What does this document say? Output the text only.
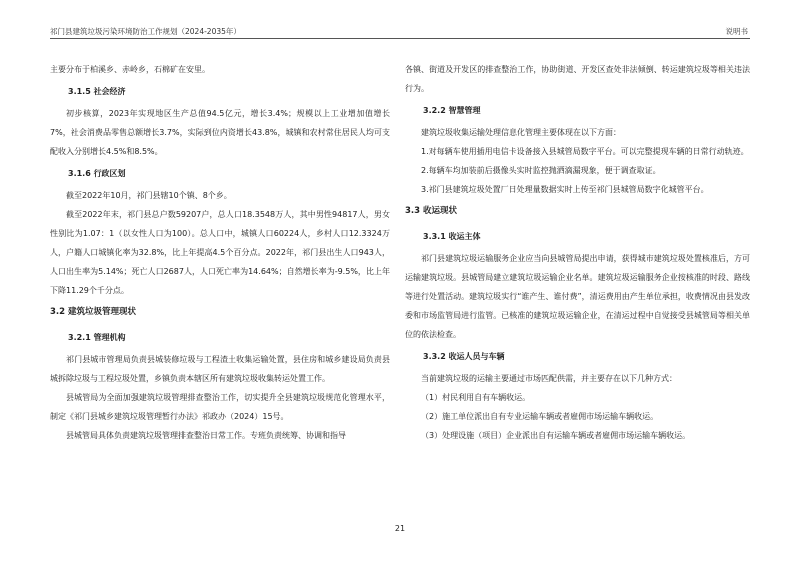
祁门县建筑垃圾污染环境防治工作规划（2024-2035年）	说明书

主要分布于柏溪乡、赤岭乡，石棉矿在安里。

3.1.5 社会经济

初步核算，2023年实现地区生产总值94.5亿元，增长3.4%；规模以上工业增加值增长7%，社会消费品零售总额增长3.7%，实际到位内资增长43.8%，城镇和农村常住居民人均可支配收入分别增长4.5%和8.5%。

3.1.6 行政区划

截至2022年10月，祁门县辖10个镇、8个乡。

截至2022年末，祁门县总户数59207户，总人口18.3548万人，其中男性94817人，男女性别比为1.07：1（以女性人口为100）。总人口中，城镇人口60224人，乡村人口12.3324万人，户籍人口城镇化率为32.8%，比上年提高4.5个百分点。2022年，祁门县出生人口943人，人口出生率为5.14%；死亡人口2687人，人口死亡率为14.64%；自然增长率为-9.5%，比上年下降11.29个千分点。

3.2 建筑垃圾管理现状
3.2.1 管理机构

祁门县城市管理局负责县城装修垃圾与工程渣土收集运输处置，县住房和城乡建设局负责县城拆除垃圾与工程垃圾处置，乡镇负责本辖区所有建筑垃圾收集转运处置工作。

县城管局为全面加强建筑垃圾管理排查整治工作，切实提升全县建筑垃圾规范化管理水平，制定《祁门县城乡建筑垃圾管理暂行办法》祁政办（2024）15号。

县城管局具体负责建筑垃圾管理排查整治日常工作。专班负责统筹、协调和指导

各镇、街道及开发区的排查整治工作，协助街道、开发区查处非法倾倒、转运建筑垃圾等相关违法行为。

3.2.2 智慧管理

建筑垃圾收集运输处理信息化管理主要体现在以下方面：

1.对每辆车使用插用电信卡设备接入县城管局数字平台。可以完整提现车辆的日常行动轨迹。

2.每辆车均加装前后摄像头实时监控抛洒滴漏现象，便于调查取证。

3.祁门县建筑垃圾处置厂日处理量数据实时上传至祁门县城管局数字化城管平台。

3.3 收运现状
3.3.1 收运主体

祁门县建筑垃圾运输服务企业应当向县城管局提出申请，获得城市建筑垃圾处置核准后，方可运输建筑垃圾。县城管局建立建筑垃圾运输企业名单。建筑垃圾运输服务企业按核准的时段、路线等进行处置活动。建筑垃圾实行“谁产生、谁付费”，清运费用由产生单位承担，收费情况由县发改委和市场监管局进行监管。已核准的建筑垃圾运输企业，在清运过程中自觉接受县城管局等相关单位的依法检查。

3.3.2 收运人员与车辆

当前建筑垃圾的运输主要通过市场匹配供需，并主要存在以下几种方式：

（1）村民利用自有车辆收运。

（2）施工单位派出自有专业运输车辆或者雇佣市场运输车辆收运。

（3）处理设施（项目）企业派出自有运输车辆或者雇佣市场运输车辆收运。

21
